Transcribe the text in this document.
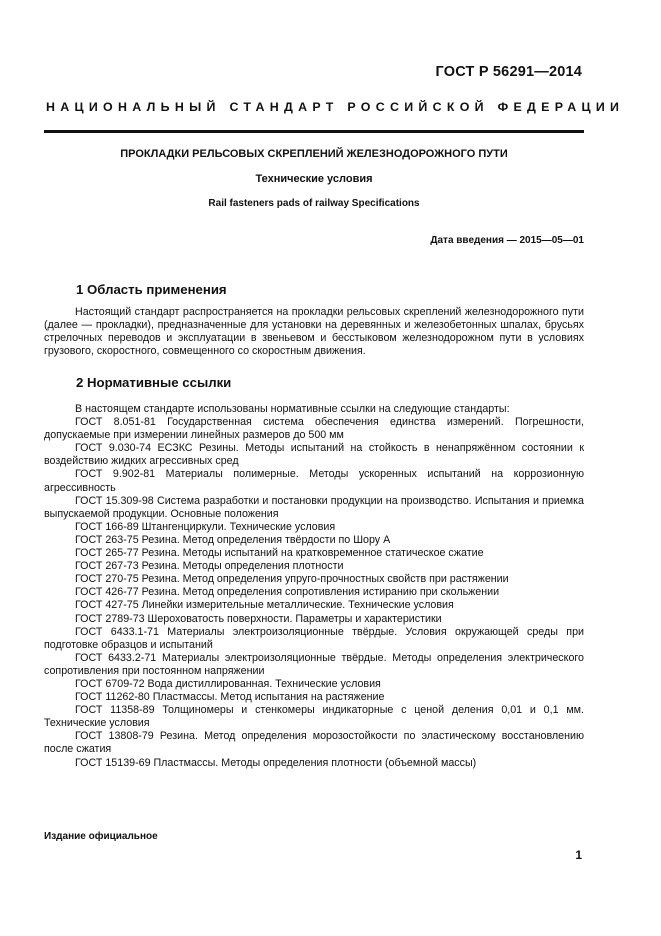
ГОСТ Р 56291—2014
НАЦИОНАЛЬНЫЙ СТАНДАРТ РОССИЙСКОЙ ФЕДЕРАЦИИ
ПРОКЛАДКИ РЕЛЬСОВЫХ СКРЕПЛЕНИЙ ЖЕЛЕЗНОДОРОЖНОГО ПУТИ
Технические условия
Rail fasteners pads of railway Specifications
Дата введения — 2015—05—01
1 Область применения

Настоящий стандарт распространяется на прокладки рельсовых скреплений железнодорожного пути (далее — прокладки), предназначенные для установки на деревянных и железобетонных шпалах, брусьях стрелочных переводов и эксплуатации в звеньевом и бесстыковом железнодорожном пути в условиях грузового, скоростного, совмещенного со скоростным движения.

2 Нормативные ссылки

В настоящем стандарте использованы нормативные ссылки на следующие стандарты:

ГОСТ 8.051-81 Государственная система обеспечения единства измерений. Погрешности, допускаемые при измерении линейных размеров до 500 мм

ГОСТ 9.030-74 ЕСЗКС Резины. Методы испытаний на стойкость в ненапряжённом состоянии к воздействию жидких агрессивных сред

ГОСТ 9.902-81 Материалы полимерные. Методы ускоренных испытаний на коррозионную агрессивность

ГОСТ 15.309-98 Система разработки и постановки продукции на производство. Испытания и приемка выпускаемой продукции. Основные положения

ГОСТ 166-89 Штангенциркули. Технические условия

ГОСТ 263-75 Резина. Метод определения твёрдости по Шору А

ГОСТ 265-77 Резина. Методы испытаний на кратковременное статическое сжатие

ГОСТ 267-73 Резина. Методы определения плотности

ГОСТ 270-75 Резина. Метод определения упруго-прочностных свойств при растяжении

ГОСТ 426-77 Резина. Метод определения сопротивления истиранию при скольжении

ГОСТ 427-75 Линейки измерительные металлические. Технические условия

ГОСТ 2789-73 Шероховатость поверхности. Параметры и характеристики

ГОСТ 6433.1-71 Материалы электроизоляционные твёрдые. Условия окружающей среды при подготовке образцов и испытаний

ГОСТ 6433.2-71 Материалы электроизоляционные твёрдые. Методы определения электрического сопротивления при постоянном напряжении

ГОСТ 6709-72 Вода дистиллированная. Технические условия

ГОСТ 11262-80 Пластмассы. Метод испытания на растяжение

ГОСТ 11358-89 Толщиномеры и стенкомеры индикаторные с ценой деления 0,01 и 0,1 мм. Технические условия

ГОСТ 13808-79 Резина. Метод определения морозостойкости по эластическому восстановлению после сжатия

ГОСТ 15139-69 Пластмассы. Методы определения плотности (объемной массы)

Издание официальное
1
